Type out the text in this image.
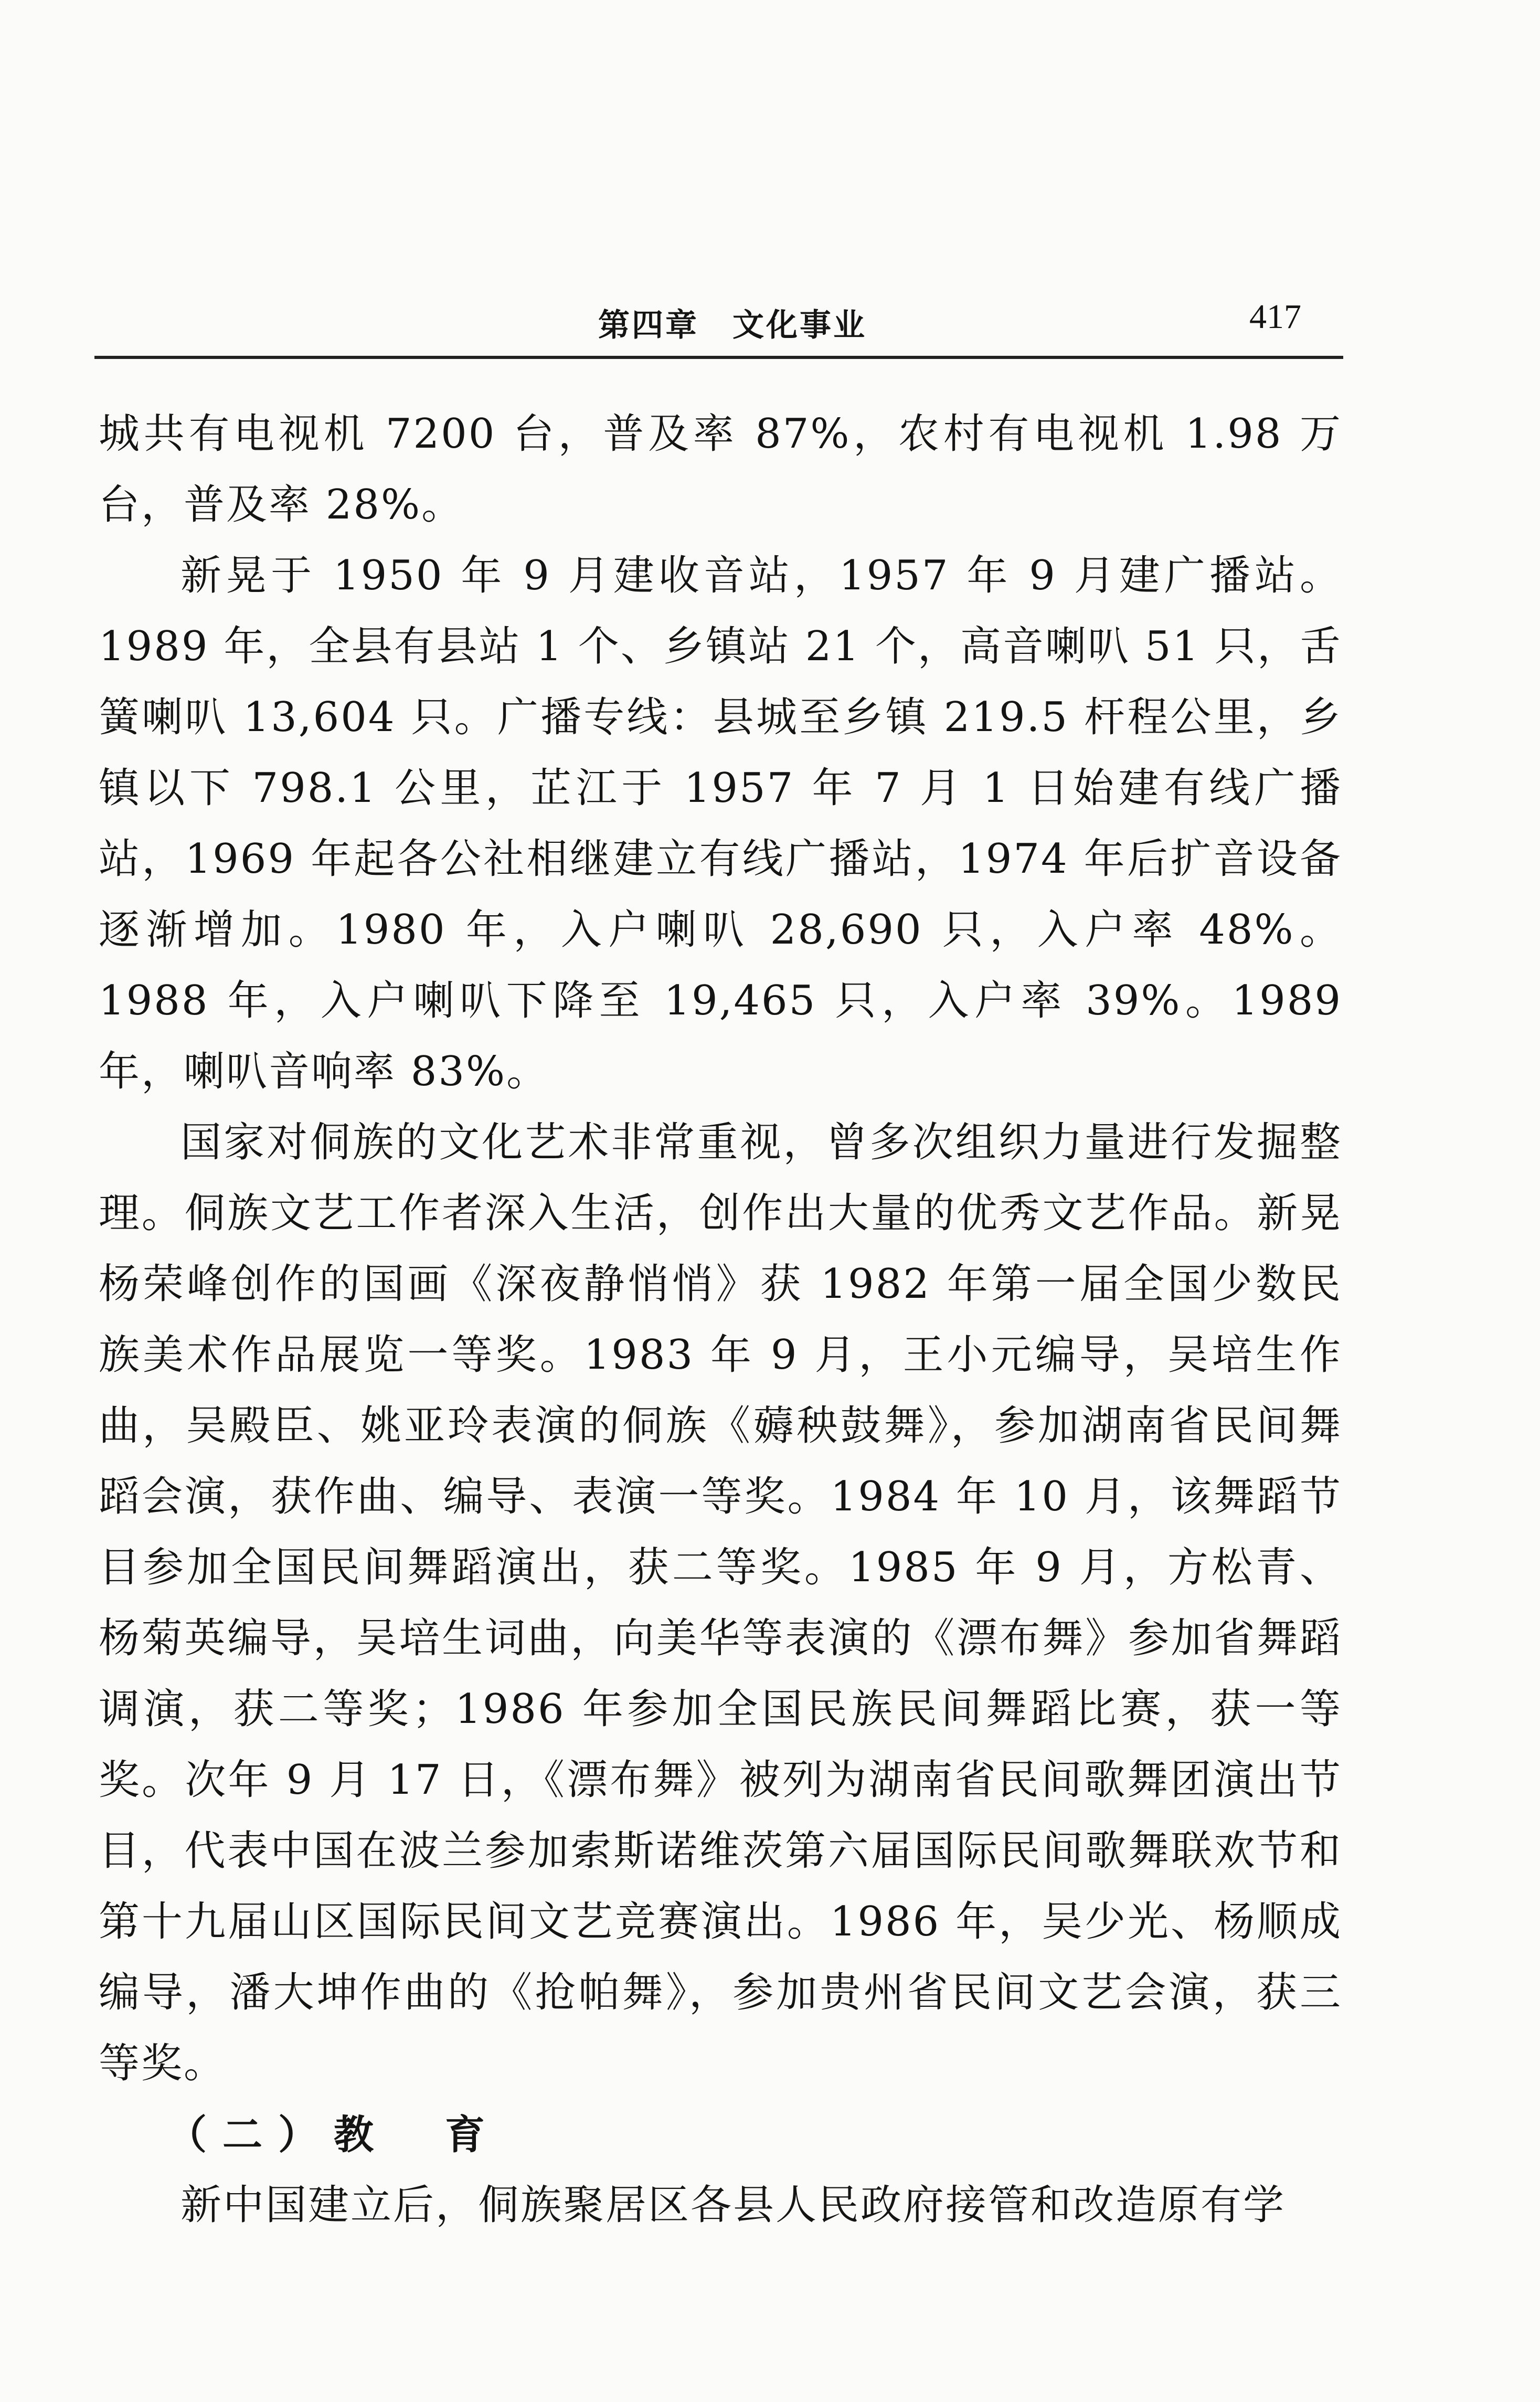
第四章　文化事业	417

城共有电视机 7200 台，普及率 87%，农村有电视机 1.98 万台，普及率 28%。

新晃于 1950 年 9 月建收音站，1957 年 9 月建广播站。1989 年，全县有县站 1 个、乡镇站 21 个，高音喇叭 51 只，舌簧喇叭 13,604 只。广播专线：县城至乡镇 219.5 杆程公里，乡镇以下 798.1 公里，芷江于 1957 年 7 月 1 日始建有线广播站，1969 年起各公社相继建立有线广播站，1974 年后扩音设备逐渐增加。1980 年，入户喇叭 28,690 只，入户率 48%。1988 年，入户喇叭下降至 19,465 只，入户率 39%。1989 年，喇叭音响率 83%。

国家对侗族的文化艺术非常重视，曾多次组织力量进行发掘整理。侗族文艺工作者深入生活，创作出大量的优秀文艺作品。新晃杨荣峰创作的国画《深夜静悄悄》获 1982 年第一届全国少数民族美术作品展览一等奖。1983 年 9 月，王小元编导，吴培生作曲，吴殿臣、姚亚玲表演的侗族《薅秧鼓舞》，参加湖南省民间舞蹈会演，获作曲、编导、表演一等奖。1984 年 10 月，该舞蹈节目参加全国民间舞蹈演出，获二等奖。1985 年 9 月，方松青、杨菊英编导，吴培生词曲，向美华等表演的《漂布舞》参加省舞蹈调演，获二等奖；1986 年参加全国民族民间舞蹈比赛，获一等奖。次年 9 月 17 日，《漂布舞》被列为湖南省民间歌舞团演出节目，代表中国在波兰参加索斯诺维茨第六届国际民间歌舞联欢节和第十九届山区国际民间文艺竞赛演出。1986 年，吴少光、杨顺成编导，潘大坤作曲的《抢帕舞》，参加贵州省民间文艺会演，获三等奖。

（二）教　育

新中国建立后，侗族聚居区各县人民政府接管和改造原有学
